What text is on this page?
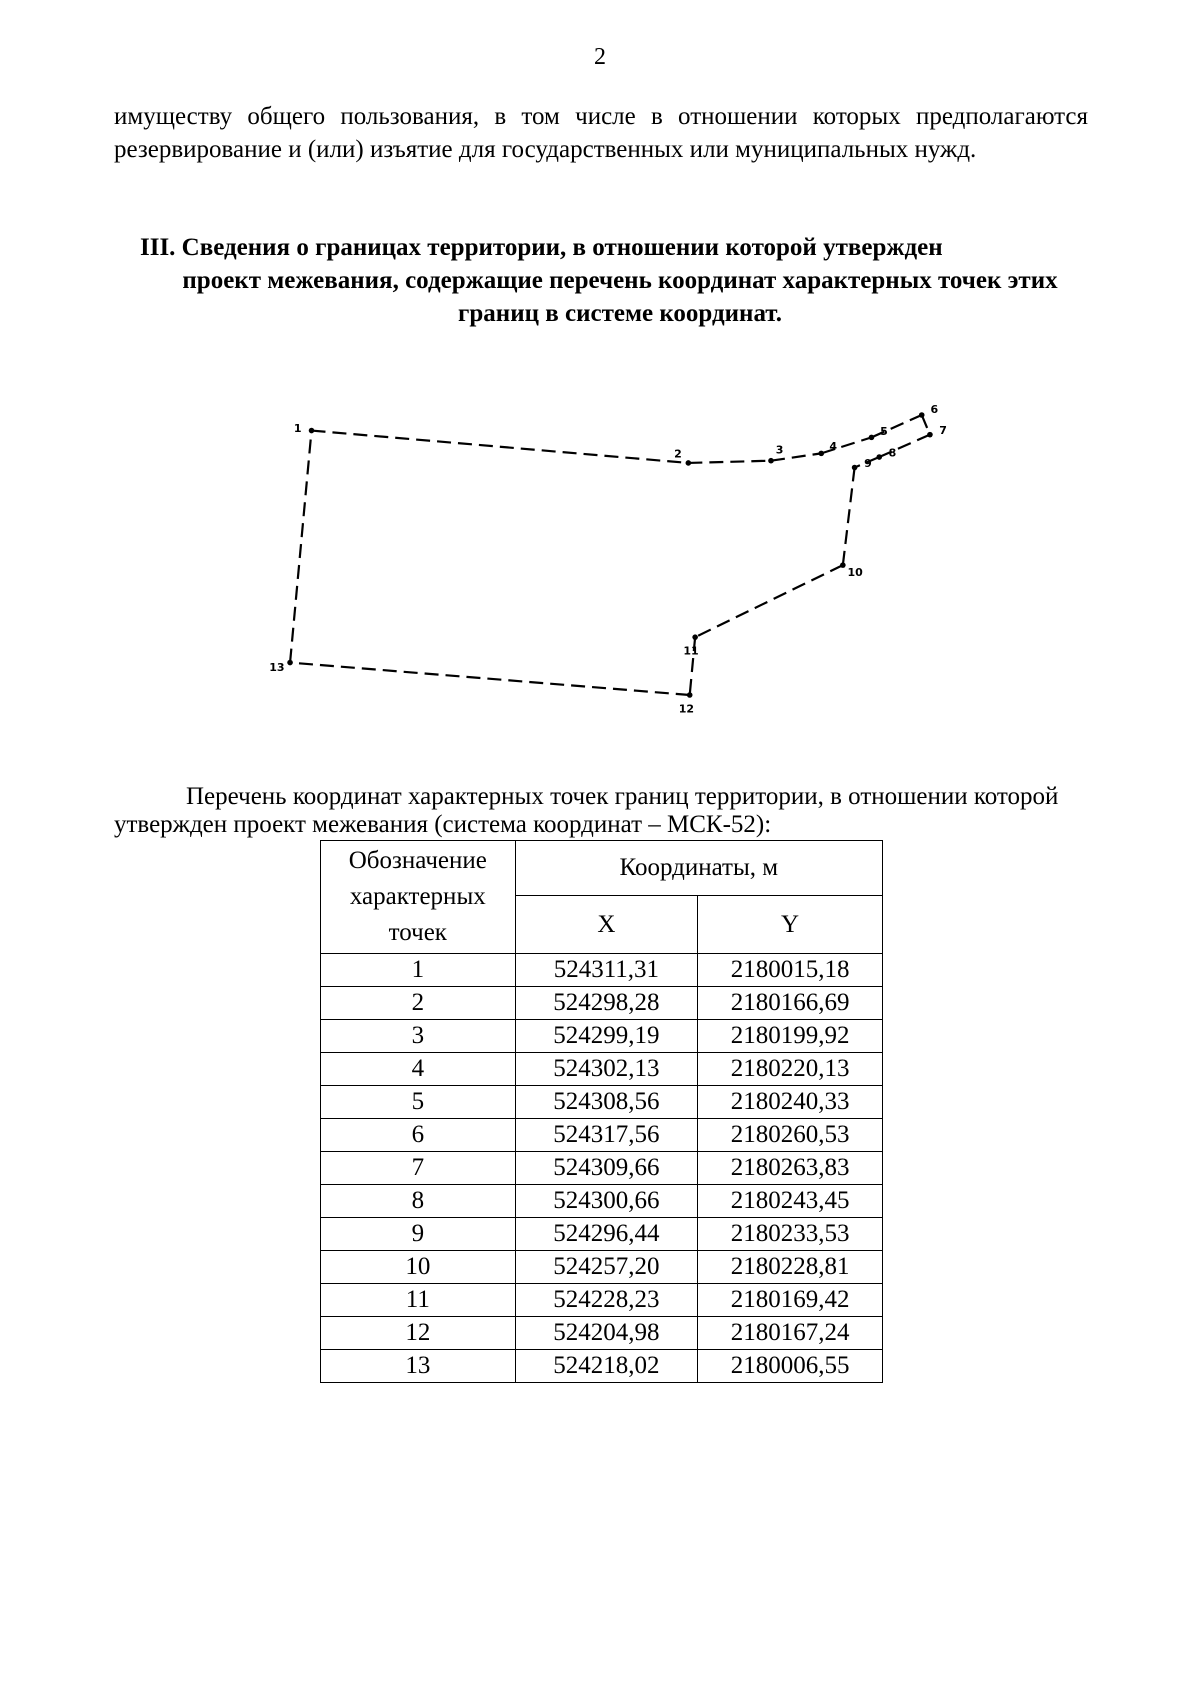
2

имуществу общего пользования, в том числе в отношении которых предполагаются резервирование и (или) изъятие для государственных или муниципальных нужд.

III. Сведения о границах территории, в отношении которой утвержден
проект межевания, содержащие перечень координат характерных точек этих границ в системе координат.
1
2	3	4
5
6
7
8
9
10
11
12
13

Перечень координат характерных точек границ территории, в отношении которой утвержден проект межевания (система координат – МСК-52):

Обозначение характерных точек	Координаты, м	
	X	Y
1	524311,31	2180015,18
2	524298,28	2180166,69
3	524299,19	2180199,92
4	524302,13	2180220,13
5	524308,56	2180240,33
6	524317,56	2180260,53
7	524309,66	2180263,83
8	524300,66	2180243,45
9	524296,44	2180233,53
10	524257,20	2180228,81
11	524228,23	2180169,42
12	524204,98	2180167,24
13	524218,02	2180006,55
